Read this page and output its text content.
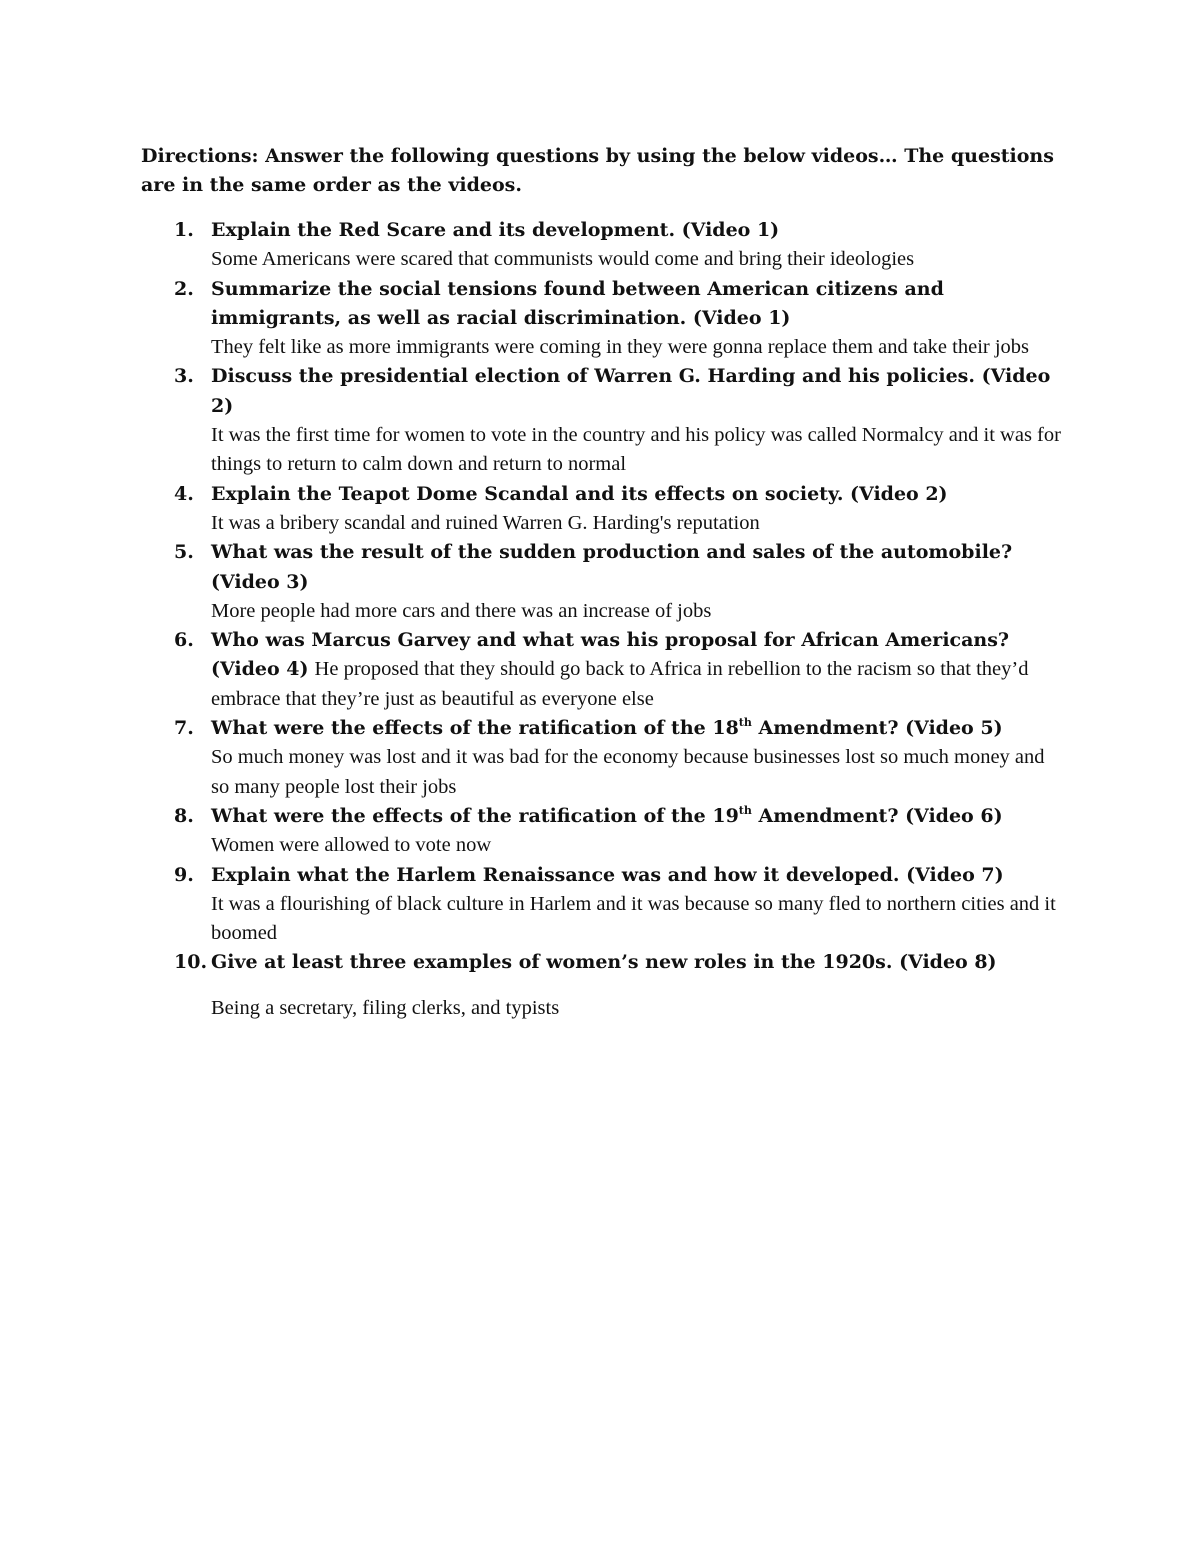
Directions: Answer the following questions by using the below videos… The questions are in the same order as the videos.

1. Explain the Red Scare and its development. (Video 1)
Some Americans were scared that communists would come and bring their ideologies
2. Summarize the social tensions found between American citizens and immigrants, as well as racial discrimination. (Video 1)
They felt like as more immigrants were coming in they were gonna replace them and take their jobs
3. Discuss the presidential election of Warren G. Harding and his policies. (Video 2)
It was the first time for women to vote in the country and his policy was called Normalcy and it was for things to return to calm down and return to normal
4. Explain the Teapot Dome Scandal and its effects on society. (Video 2)
It was a bribery scandal and ruined Warren G. Harding's reputation
5. What was the result of the sudden production and sales of the automobile? (Video 3)
More people had more cars and there was an increase of jobs
6. Who was Marcus Garvey and what was his proposal for African Americans? (Video 4) He proposed that they should go back to Africa in rebellion to the racism so that they’d embrace that they’re just as beautiful as everyone else
7. What were the effects of the ratification of the 18th Amendment? (Video 5)
So much money was lost and it was bad for the economy because businesses lost so much money and so many people lost their jobs
8. What were the effects of the ratification of the 19th Amendment? (Video 6)
Women were allowed to vote now
9. Explain what the Harlem Renaissance was and how it developed. (Video 7)
It was a flourishing of black culture in Harlem and it was because so many fled to northern cities and it boomed
10. Give at least three examples of women’s new roles in the 1920s. (Video 8)
Being a secretary, filing clerks, and typists
